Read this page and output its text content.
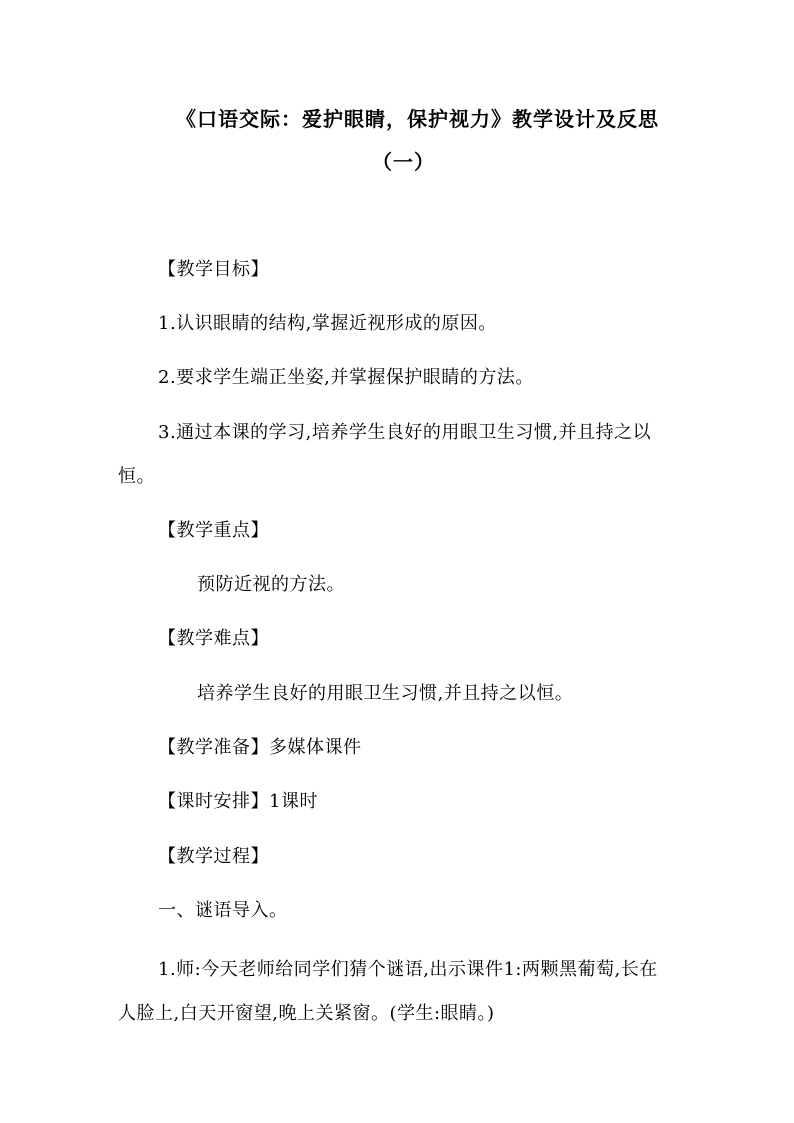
《口语交际：爱护眼睛，保护视力》教学设计及反思
（一）
【教学目标】
1.认识眼睛的结构,掌握近视形成的原因。
2.要求学生端正坐姿,并掌握保护眼睛的方法。
3.通过本课的学习,培养学生良好的用眼卫生习惯,并且持之以
恒。
【教学重点】
预防近视的方法。
【教学难点】
培养学生良好的用眼卫生习惯,并且持之以恒。
【教学准备】多媒体课件
【课时安排】1课时
【教学过程】
一、谜语导入。
1.师:今天老师给同学们猜个谜语,出示课件1:两颗黑葡萄,长在
人脸上,白天开窗望,晚上关紧窗。(学生:眼睛。)
